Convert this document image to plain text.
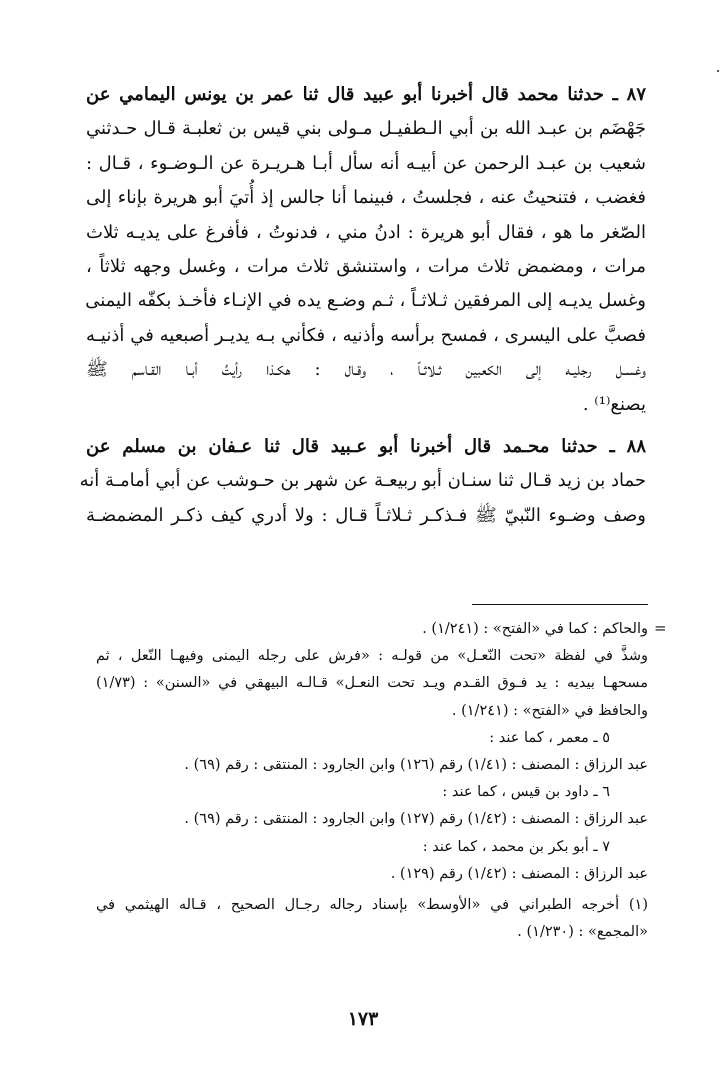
٨٧ ـ حدثنا محمد قال أخبرنا أبو عبيد قال ثنا عمر بن يونس اليمامي عن
جَهْضَم بن عبـد الله بن أبي الـطفيـل مـولى بني قيس بن ثعلبـة قـال حـدثني
شعيب بن عبـد الرحمن عن أبيـه أنه سأل أبـا هـريـرة عن الـوضـوء ، قـال :
فغضب ، فتنحيتُ عنه ، فجلستُ ، فبينما أنا جالس إذ أُتيَ أبو هريرة بإناء إلى
الصّغر ما هو ، فقال أبو هريرة : ادنُ مني ، فدنوتُ ، فأفرغ على يديـه ثلاث
مرات ، ومضمض ثلاث مرات ، واستنشق ثلاث مرات ، وغسل وجهه ثلاثاً ،
وغسل يديـه إلى المرفقين ثـلاثـاً ، ثـم وضـع يده في الإنـاء فأخـذ بكفّه اليمنى
فصبَّ على اليسرى ، فمسح برأسه وأذنيه ، فكأني بـه يديـر أصبعيه في أذنيـه
وغسـل رجليـه إلى الكعبين ثـلاثـاً ، وقـال : هكـذا رأيتُ أبـا القـاسم ﷺ
يصنع⁽¹⁾ .
٨٨ ـ حدثنا محـمد قال أخبرنا أبو عـبيد قال ثنا عـفان بن مسلم عن
حماد بن زيد قـال ثنا سنـان أبو ربيعـة عن شهر بن حـوشب عن أبي أمامـة أنه
وصف وضـوء النّبيّ ﷺ فـذكـر ثـلاثـاً قـال : ولا أدري كيف ذكـر المضمضـة
=
والحاكم : كما في «الفتح» : (١/٢٤١) .
وشذَّ في لفظة «تحت النّعـل» من قولـه : «فرش على رجله اليمنى وفيهـا النّعل ، ثم
مسحهـا بيديه : يد فـوق القـدم ويـد تحت النعـل» قـالـه البيهقي في «السنن» : (١/٧٣)
والحافظ في «الفتح» : (١/٢٤١) .
٥ ـ معمر ، كما عند :
عبد الرزاق : المصنف : (١/٤١) رقم (١٢٦) وابن الجارود : المنتقى : رقم (٦٩) .
٦ ـ داود بن قيس ، كما عند :
عبد الرزاق : المصنف : (١/٤٢) رقم (١٢٧) وابن الجارود : المنتقى : رقم (٦٩) .
٧ ـ أبو بكر بن محمد ، كما عند :
عبد الرزاق : المصنف : (١/٤٢) رقم (١٢٩) .
(١) أخرجه الطبراني في «الأوسط» بإسناد رجاله رجـال الصحيح ، قـاله الهيثمي في
«المجمع» : (١/٢٣٠) .
١٧٣
